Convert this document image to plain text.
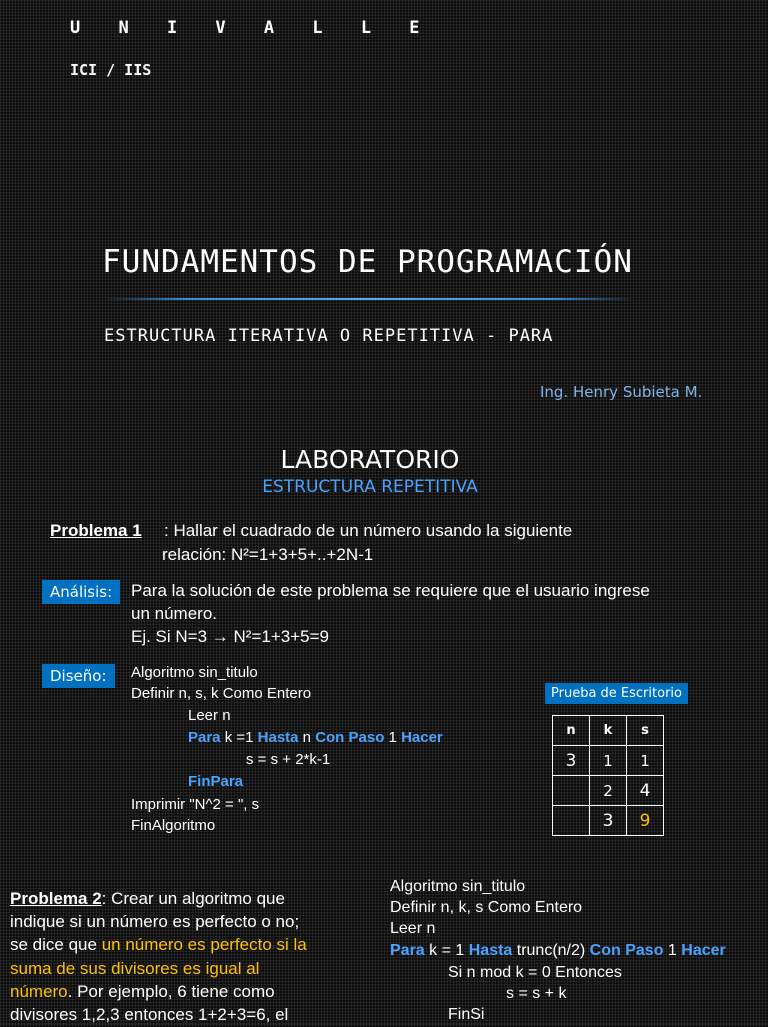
U N I V A L L E
ICI / IIS
FUNDAMENTOS DE PROGRAMACIÓN
ESTRUCTURA ITERATIVA O REPETITIVA - PARA
Ing. Henry Subieta M.
LABORATORIO
ESTRUCTURA REPETITIVA
Problema 1 : Hallar el cuadrado de un número usando la siguiente
relación: N²=1+3+5+..+2N-1
Análisis:	Para la solución de este problema se requiere que el usuario ingrese
un número.
Ej. Si N=3 → N²=1+3+5=9
Diseño:	Algoritmo sin_titulo
Definir n, s, k Como Entero
Leer n
Para k =1 Hasta n Con Paso 1 Hacer
s = s + 2*k-1
FinPara
Imprimir "N^2 = ", s
FinAlgoritmo
Prueba de Escritorio
n	k	s
3	1	1
	2	4
	3	9
Problema 2: Crear un algoritmo que
indique si un número es perfecto o no;
se dice que un número es perfecto si la
suma de sus divisores es igual al
número. Por ejemplo, 6 tiene como
divisores 1,2,3 entonces 1+2+3=6, el
Algoritmo sin_titulo
Definir n, k, s Como Entero
Leer n
Para k = 1 Hasta trunc(n/2) Con Paso 1 Hacer
Si n mod k = 0 Entonces
s = s + k
FinSi
